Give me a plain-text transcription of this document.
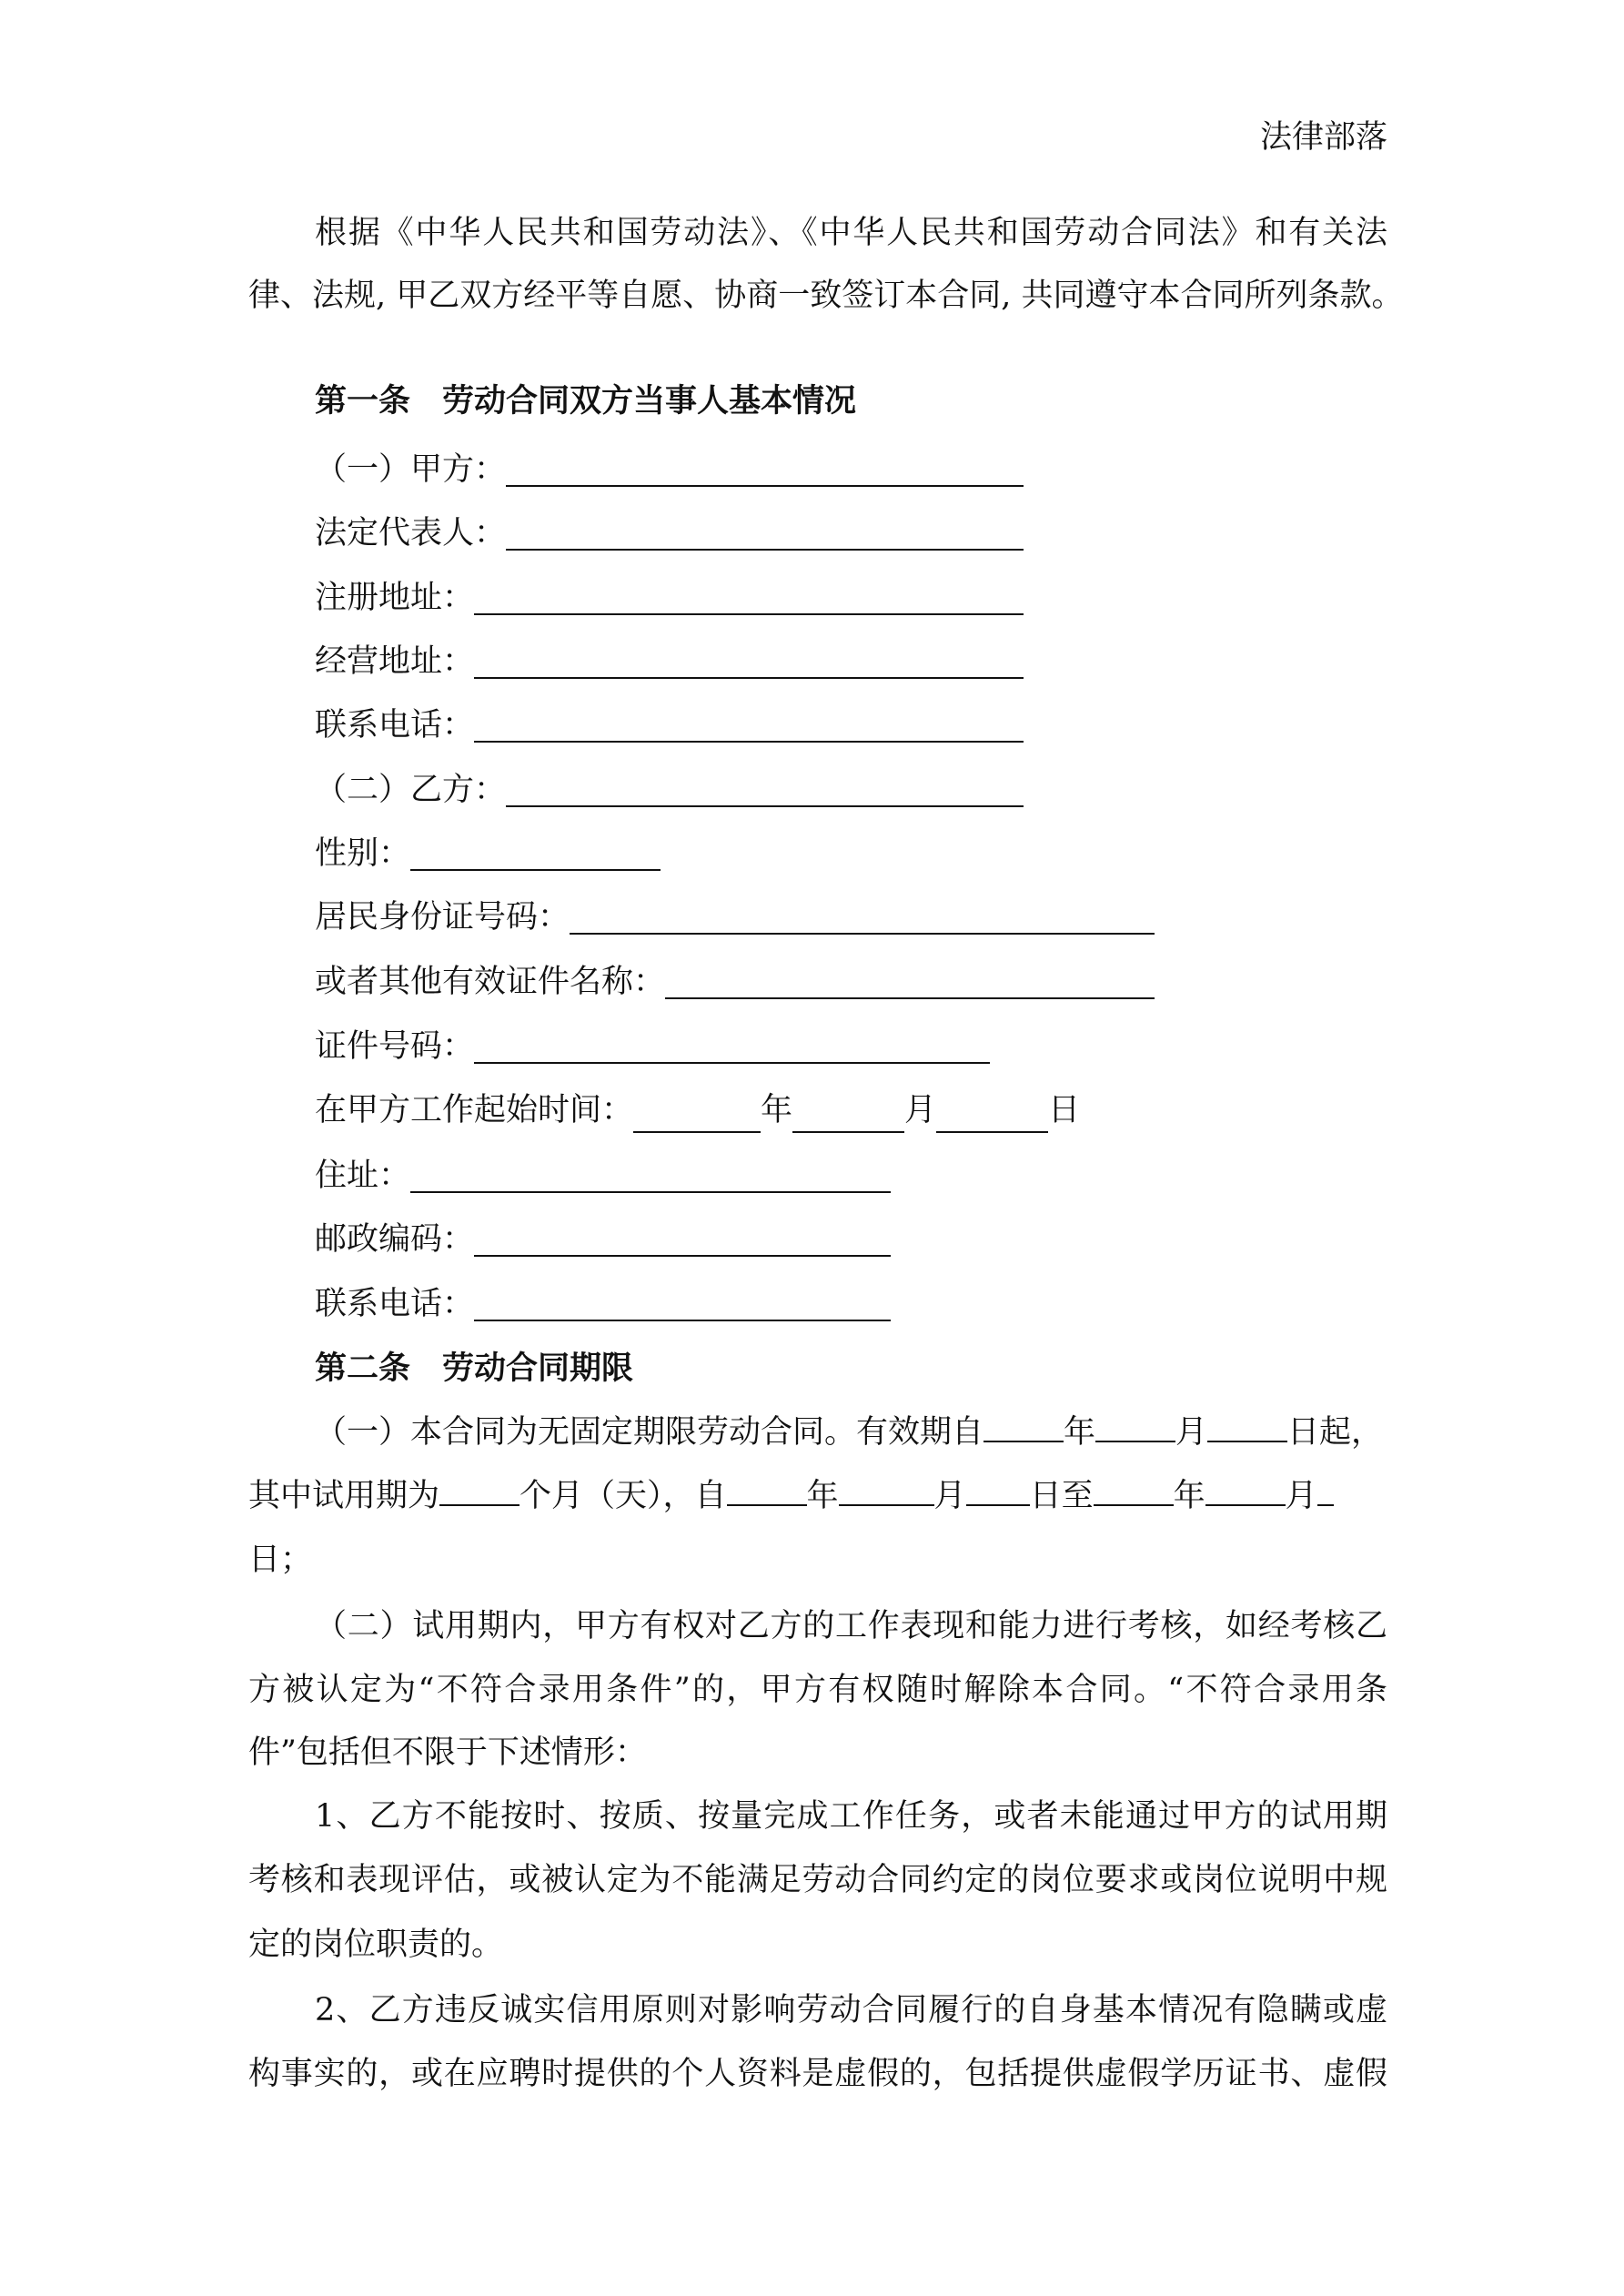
法律部落
根据《中华人民共和国劳动法》、《中华人民共和国劳动合同法》和有关法
律、法规, 甲乙双方经平等自愿、协商一致签订本合同, 共同遵守本合同所列条款。
第一条　劳动合同双方当事人基本情况
（一）甲方：
法定代表人：
注册地址：
经营地址：
联系电话：
（二）乙方：
性别：
居民身份证号码：
或者其他有效证件名称：
证件号码：
在甲方工作起始时间：	年	月	日
住址：
邮政编码：
联系电话：
第二条　劳动合同期限
（一）本合同为无固定期限劳动合同。有效期自	年	月	日起，
其中试用期为	个月（天），自	年	月 日至	年	月
日；
（二）试用期内，甲方有权对乙方的工作表现和能力进行考核，如经考核乙
方被认定为“不符合录用条件”的，甲方有权随时解除本合同。“不符合录用条
件”包括但不限于下述情形：
1、乙方不能按时、按质、按量完成工作任务，或者未能通过甲方的试用期
考核和表现评估，或被认定为不能满足劳动合同约定的岗位要求或岗位说明中规
定的岗位职责的。
2、乙方违反诚实信用原则对影响劳动合同履行的自身基本情况有隐瞒或虚
构事实的，或在应聘时提供的个人资料是虚假的，包括提供虚假学历证书、虚假
